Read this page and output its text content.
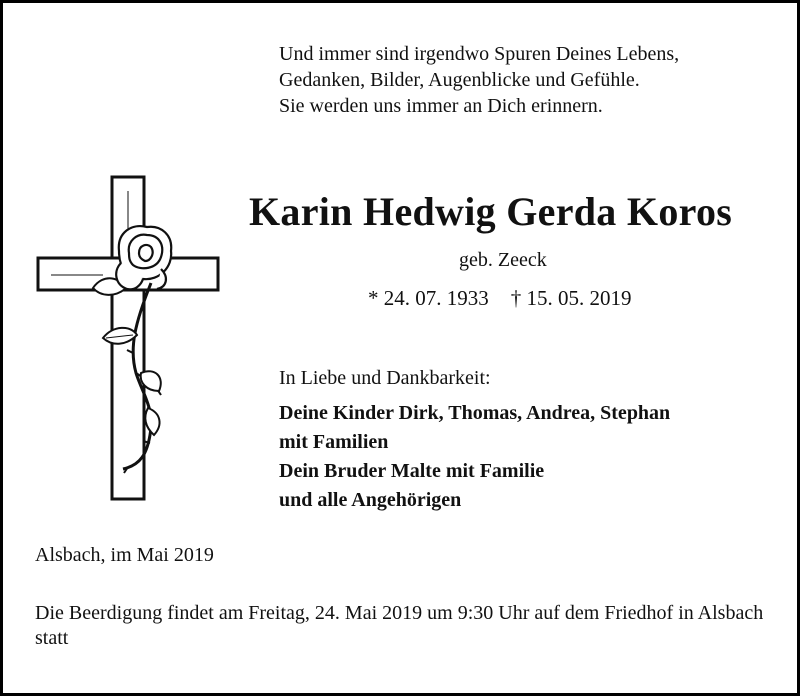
Und immer sind irgendwo Spuren Deines Lebens,
Gedanken, Bilder, Augenblicke und Gefühle.
Sie werden uns immer an Dich erinnern.
Karin Hedwig Gerda Koros
geb. Zeeck
* 24. 07. 1933 † 15. 05. 2019
In Liebe und Dankbarkeit:
Deine Kinder Dirk, Thomas, Andrea, Stephan
mit Familien
Dein Bruder Malte mit Familie
und alle Angehörigen
Alsbach, im Mai 2019
Die Beerdigung findet am Freitag, 24. Mai 2019 um 9:30 Uhr auf dem Friedhof in Alsbach statt
